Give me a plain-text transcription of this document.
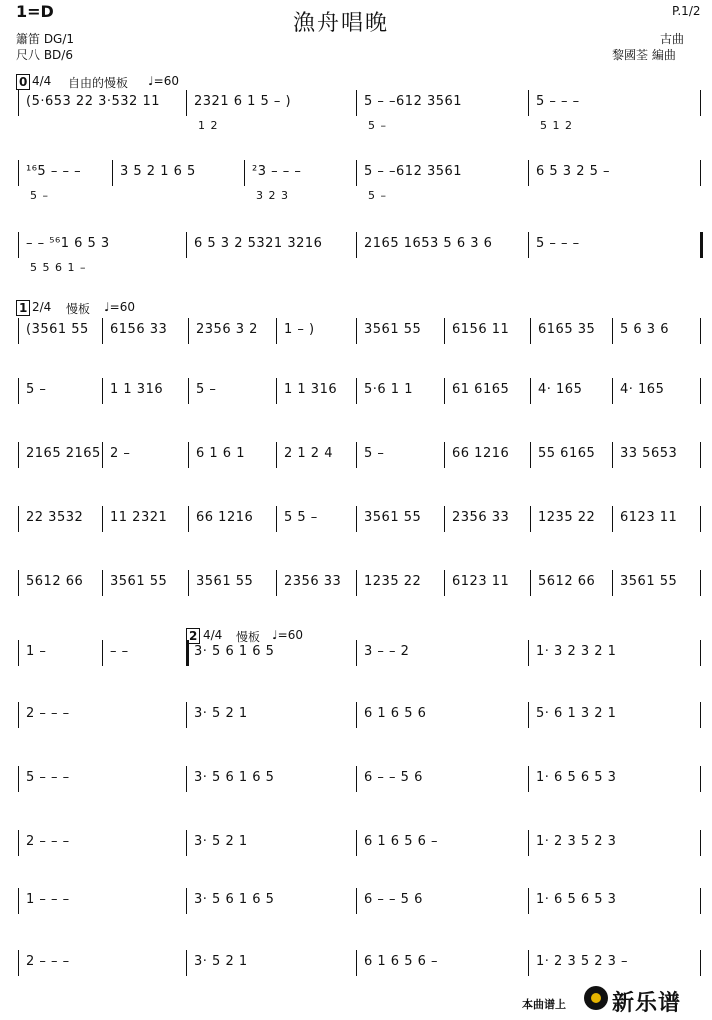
1=D	漁舟唱晚	P.1/2
簫笛 DG/1
尺八 BD/6
古曲
黎國荃 編曲
0 4/4 自由的慢板 ♩=60
1 2/4 慢板 ♩=60
2 4/4 慢板 ♩=60
(5·653 22 3·532 11	2321 6 1 5 – )
1 2
5 – –612 3561
5 –
5 – – –
5 1 2
¹⁶5 – – –
5 –
3 5 2 1 6 5	²3 – – –
3 2 3
5 – –612 3561
5 –
6 5 3 2 5 –
– – ⁵⁶1 6 5 3
5 5 6 1 –
6 5 3 2 5321 3216	2165 1653 5 6 3 6	5 – – –
(3561 55 6156 33 2356 3 2 1 – )	3561 55 6156 11 6165 35 5 6 3 6
5 –	1 1 316	5 –	1 1 316 5·6 1 1	61 6165 4· 165	4· 165
2165 2165 2 –	6 1 6 1	2 1 2 4 5 –	66 1216 55 6165 33 5653
22 3532 11 2321 66 1216 5 5 –	3561 55 2356 33 1235 22 6123 11
5612 66 3561 55 3561 55 2356 33 1235 22 6123 11 5612 66 3561 55
1 –	– –	3· 5 6 1 6 5	3 – – 2	1· 3 2 3 2 1
2 – – –	3· 5 2 1	6 1 6 5 6	5· 6 1 3 2 1
5 – – –	3· 5 6 1 6 5	6 – – 5 6	1· 6 5 6 5 3
2 – – –	3· 5 2 1	6 1 6 5 6 –	1· 2 3 5 2 3
1 – – –	3· 5 6 1 6 5	6 – – 5 6	1· 6 5 6 5 3
2 – – –	3· 5 2 1	6 1 6 5 6 –	1· 2 3 5 2 3 –
本曲谱上 新乐谱
